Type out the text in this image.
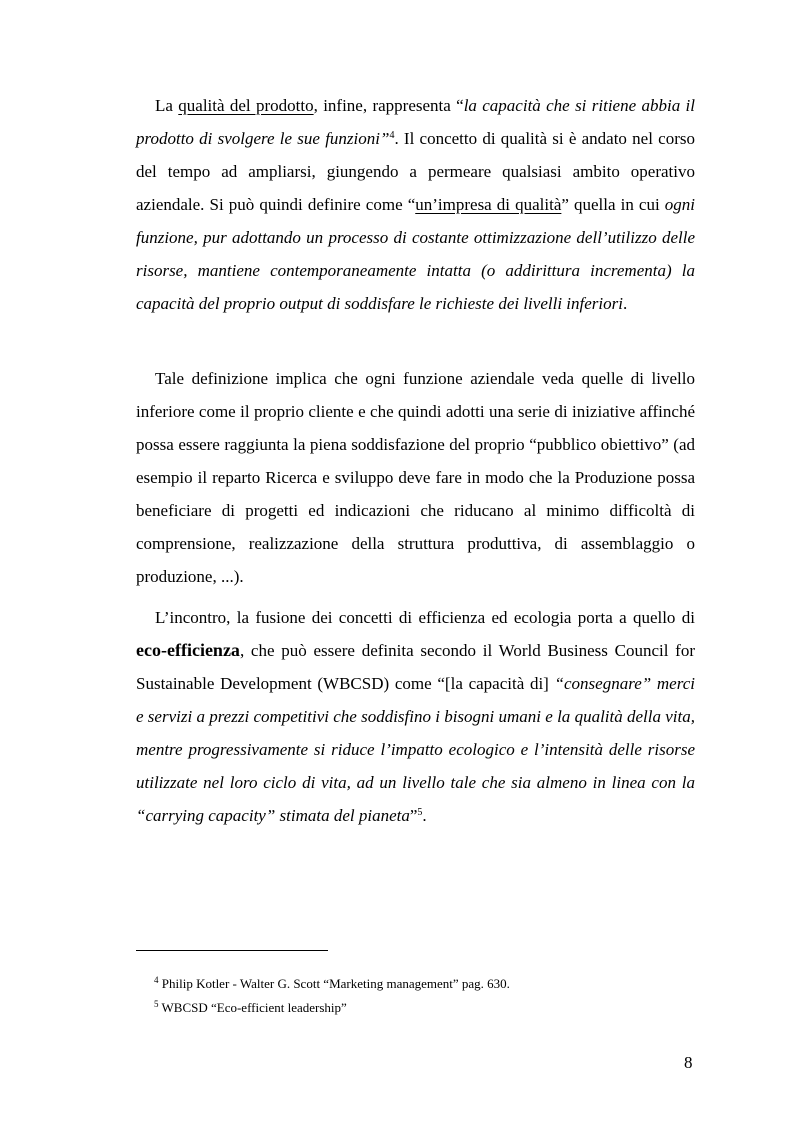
La qualità del prodotto, infine, rappresenta “la capacità che si ritiene abbia il prodotto di svolgere le sue funzioni”$^4$. Il concetto di qualità si è andato nel corso del tempo ad ampliarsi, giungendo a permeare qualsiasi ambito operativo aziendale. Si può quindi definire come “un’impresa di qualità” quella in cui ogni funzione, pur adottando un processo di costante ottimizzazione dell’utilizzo delle risorse, mantiene contemporaneamente intatta (o addirittura incrementa) la capacità del proprio output di soddisfare le richieste dei livelli inferiori.

Tale definizione implica che ogni funzione aziendale veda quelle di livello inferiore come il proprio cliente e che quindi adotti una serie di iniziative affinché possa essere raggiunta la piena soddisfazione del proprio “pubblico obiettivo” (ad esempio il reparto Ricerca e sviluppo deve fare in modo che la Produzione possa beneficiare di progetti ed indicazioni che riducano al minimo difficoltà di comprensione, realizzazione della struttura produttiva, di assemblaggio o produzione, ...).

L’incontro, la fusione dei concetti di efficienza ed ecologia porta a quello di eco-efficienza, che può essere definita secondo il World Business Council for Sustainable Development (WBCSD) come “[la capacità di] “consegnare” merci e servizi a prezzi competitivi che soddisfino i bisogni umani e la qualità della vita, mentre progressivamente si riduce l’impatto ecologico e l’intensità delle risorse utilizzate nel loro ciclo di vita, ad un livello tale che sia almeno in linea con la “carrying capacity” stimata del pianeta”$^5$.

$^4$ Philip Kotler - Walter G. Scott “Marketing management” pag. 630.

$^5$ WBCSD “Eco-efficient leadership”

8
